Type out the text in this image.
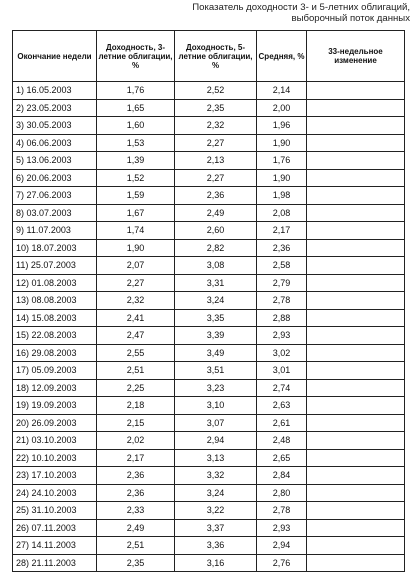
Показатель доходности 3- и 5-летних облигаций,
выборочный поток данных
Окончание недели	Доходность, 3-летние облигации, %	Доходность, 5-летние облигации, %	Средняя, %	33-недельное изменение
1) 16.05.2003	1,76	2,52	2,14	
2) 23.05.2003	1,65	2,35	2,00	
3) 30.05.2003	1,60	2,32	1,96	
4) 06.06.2003	1,53	2,27	1,90	
5) 13.06.2003	1,39	2,13	1,76	
6) 20.06.2003	1,52	2,27	1,90	
7) 27.06.2003	1,59	2,36	1,98	
8) 03.07.2003	1,67	2,49	2,08	
9) 11.07.2003	1,74	2,60	2,17	
10) 18.07.2003	1,90	2,82	2,36	
11) 25.07.2003	2,07	3,08	2,58	
12) 01.08.2003	2,27	3,31	2,79	
13) 08.08.2003	2,32	3,24	2,78	
14) 15.08.2003	2,41	3,35	2,88	
15) 22.08.2003	2,47	3,39	2,93	
16) 29.08.2003	2,55	3,49	3,02	
17) 05.09.2003	2,51	3,51	3,01	
18) 12.09.2003	2,25	3,23	2,74	
19) 19.09.2003	2,18	3,10	2,63	
20) 26.09.2003	2,15	3,07	2,61	
21) 03.10.2003	2,02	2,94	2,48	
22) 10.10.2003	2,17	3,13	2,65	
23) 17.10.2003	2,36	3,32	2,84	
24) 24.10.2003	2,36	3,24	2,80	
25) 31.10.2003	2,33	3,22	2,78	
26) 07.11.2003	2,49	3,37	2,93	
27) 14.11.2003	2,51	3,36	2,94	
28) 21.11.2003	2,35	3,16	2,76	
